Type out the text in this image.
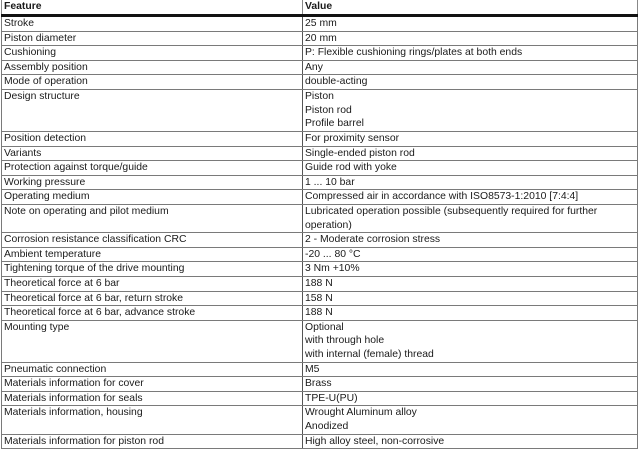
Feature	Value
Stroke	25 mm

Piston diameter	20 mm

Cushioning	P: Flexible cushioning rings/plates at both ends

Assembly position	Any

Mode of operation	double-acting

Design structure	Piston
Piston rod
Profile barrel

Position detection	For proximity sensor

Variants	Single-ended piston rod

Protection against torque/guide	Guide rod with yoke

Working pressure	1 ... 10 bar

Operating medium	Compressed air in accordance with ISO8573-1:2010 [7:4:4]

Note on operating and pilot medium	Lubricated operation possible (subsequently required for further operation)

Corrosion resistance classification CRC	2 - Moderate corrosion stress

Ambient temperature	-20 ... 80 °C

Tightening torque of the drive mounting	3 Nm +10%

Theoretical force at 6 bar	188 N

Theoretical force at 6 bar, return stroke	158 N

Theoretical force at 6 bar, advance stroke	188 N

Mounting type	Optional
with through hole
with internal (female) thread

Pneumatic connection	M5

Materials information for cover	Brass

Materials information for seals	TPE-U(PU)

Materials information, housing	Wrought Aluminum alloy
Anodized

Materials information for piston rod	High alloy steel, non-corrosive
